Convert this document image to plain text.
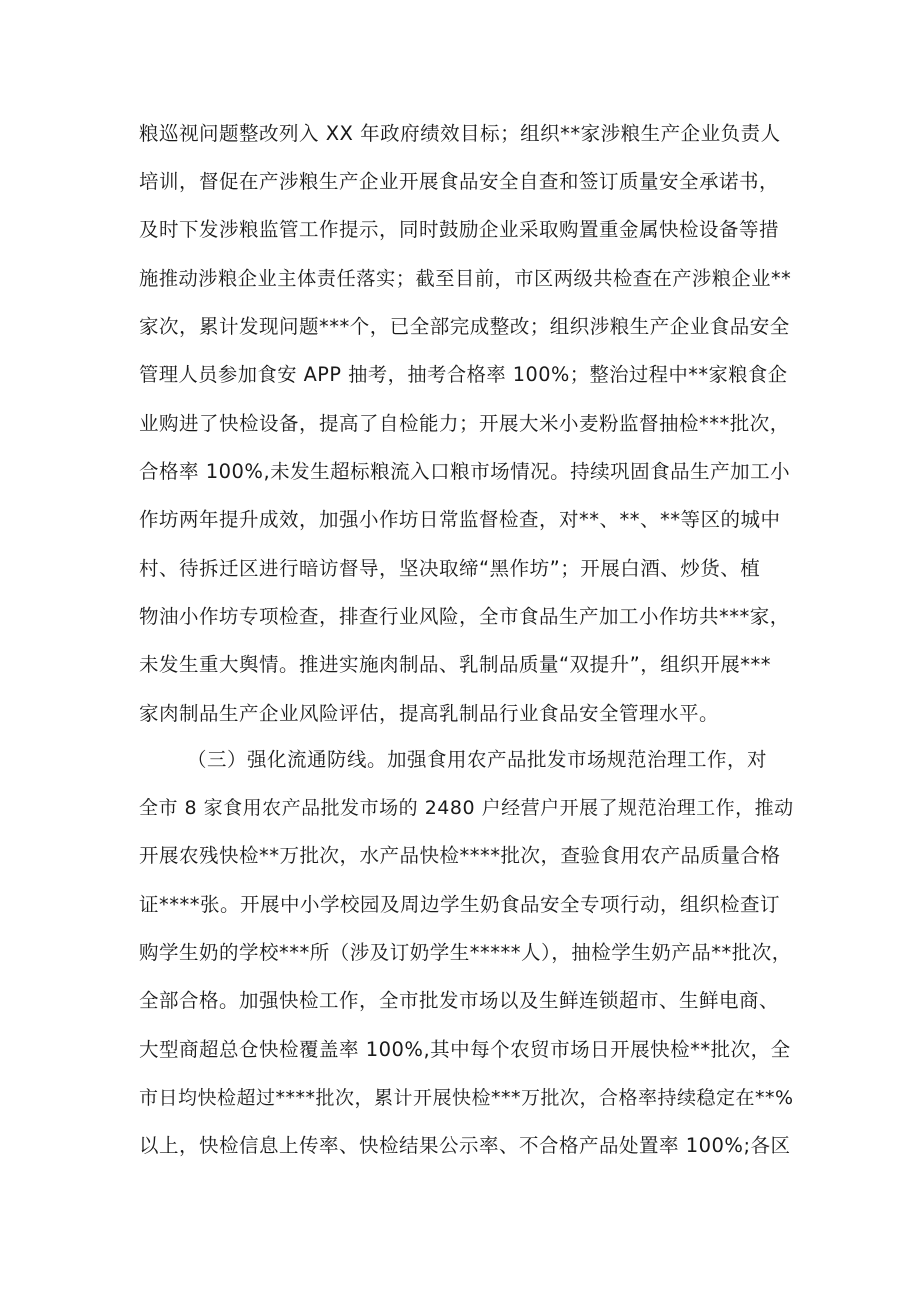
粮巡视问题整改列入 XX 年政府绩效目标；组织**家涉粮生产企业负责人
培训，督促在产涉粮生产企业开展食品安全自查和签订质量安全承诺书，
及时下发涉粮监管工作提示，同时鼓励企业采取购置重金属快检设备等措
施推动涉粮企业主体责任落实；截至目前，市区两级共检查在产涉粮企业**
家次，累计发现问题***个，已全部完成整改；组织涉粮生产企业食品安全
管理人员参加食安 APP 抽考，抽考合格率 100%；整治过程中**家粮食企
业购进了快检设备，提高了自检能力；开展大米小麦粉监督抽检***批次，
合格率 100%,未发生超标粮流入口粮市场情况。持续巩固食品生产加工小
作坊两年提升成效，加强小作坊日常监督检查，对**、**、**等区的城中
村、待拆迁区进行暗访督导，坚决取缔“黑作坊”；开展白酒、炒货、植
物油小作坊专项检查，排查行业风险，全市食品生产加工小作坊共***家，
未发生重大舆情。推进实施肉制品、乳制品质量“双提升”，组织开展***
家肉制品生产企业风险评估，提高乳制品行业食品安全管理水平。
（三）强化流通防线。加强食用农产品批发市场规范治理工作，对
全市 8 家食用农产品批发市场的 2480 户经营户开展了规范治理工作，推动
开展农残快检**万批次，水产品快检****批次，查验食用农产品质量合格
证****张。开展中小学校园及周边学生奶食品安全专项行动，组织检查订
购学生奶的学校***所（涉及订奶学生*****人），抽检学生奶产品**批次，
全部合格。加强快检工作，全市批发市场以及生鲜连锁超市、生鲜电商、
大型商超总仓快检覆盖率 100%,其中每个农贸市场日开展快检**批次，全
市日均快检超过****批次，累计开展快检***万批次，合格率持续稳定在**%
以上，快检信息上传率、快检结果公示率、不合格产品处置率 100%;各区
